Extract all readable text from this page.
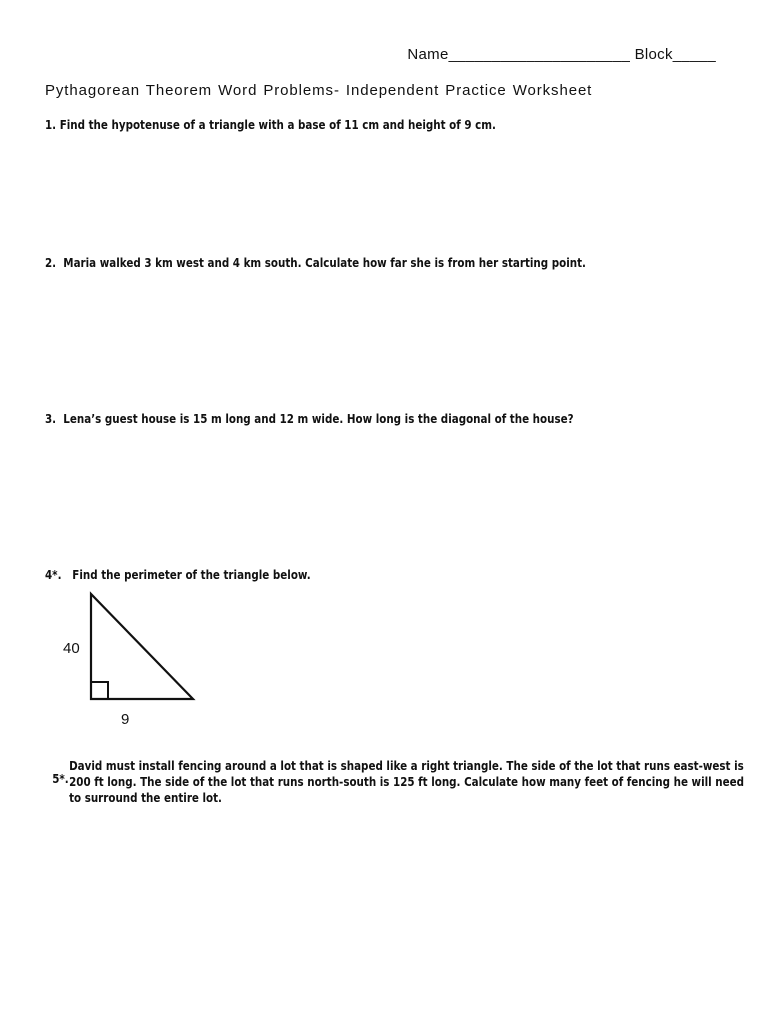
Name_____________________ Block_____
Pythagorean Theorem Word Problems- Independent Practice Worksheet
1. Find the hypotenuse of a triangle with a base of 11 cm and height of 9 cm.
2. Maria walked 3 km west and 4 km south. Calculate how far she is from her starting point.
3. Lena’s guest house is 15 m long and 12 m wide. How long is the diagonal of the house?
4*. Find the perimeter of the triangle below.
40
9

5*.

David must install fencing around a lot that is shaped like a right triangle. The side of the lot that runs east-west is
200 ft long. The side of the lot that runs north-south is 125 ft long. Calculate how many feet of fencing he will need
to surround the entire lot.
